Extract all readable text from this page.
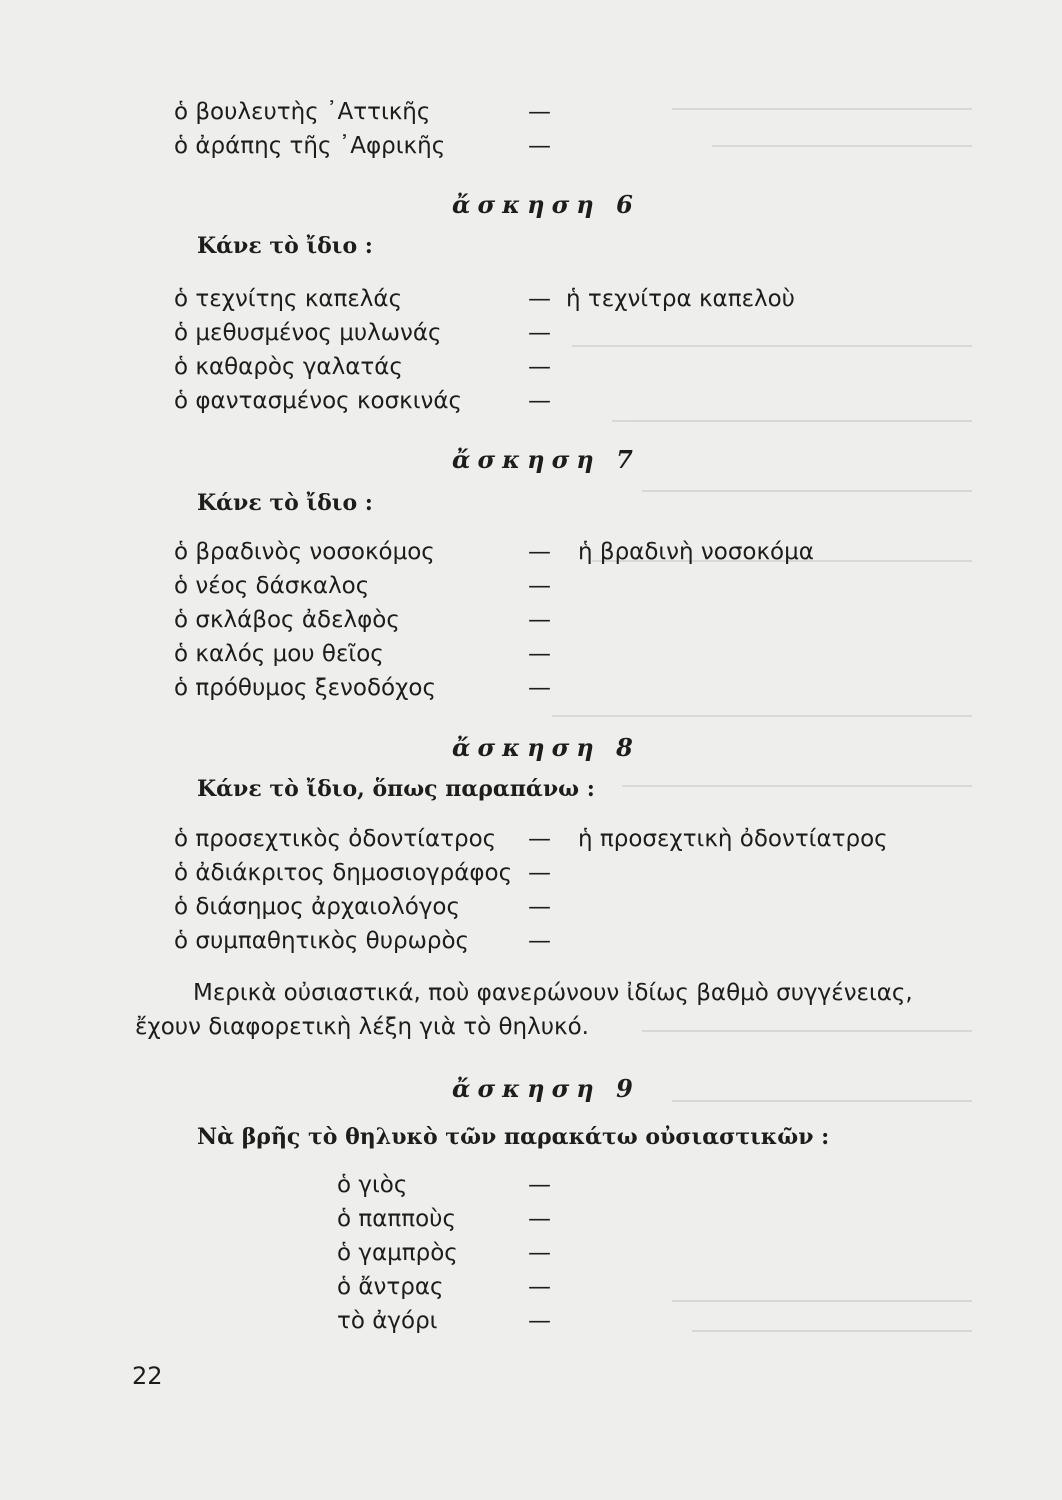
ὁ βουλευτὴς ᾽Αττικῆς	—
ὁ ἀράπης τῆς ᾽Αφρικῆς	—
ἄσκηση 6
Κάνε τὸ ἴδιο :
ὁ τεχνίτης καπελάς	— ἡ τεχνίτρα καπελοὺ
ὁ μεθυσμένος μυλωνάς	—
ὁ καθαρὸς γαλατάς	—
ὁ φαντασμένος κοσκινάς	—
ἄσκηση 7
Κάνε τὸ ἴδιο :
ὁ βραδινὸς νοσοκόμος	— ἡ βραδινὴ νοσοκόμα
ὁ νέος δάσκαλος	—
ὁ σκλάβος ἀδελφὸς	—
ὁ καλός μου θεῖος	—
ὁ πρόθυμος ξενοδόχος	—
ἄσκηση 8
Κάνε τὸ ἴδιο, ὅπως παραπάνω :
ὁ προσεχτικὸς ὀδοντίατρος — ἡ προσεχτικὴ ὀδοντίατρος
ὁ ἀδιάκριτος δημοσιογράφος —
ὁ διάσημος ἀρχαιολόγος	—
ὁ συμπαθητικὸς θυρωρὸς	—
Μερικὰ οὐσιαστικά, ποὺ φανερώνουν ἰδίως βαθμὸ συγγένειας,
ἔχουν διαφορετικὴ λέξη γιὰ τὸ θηλυκό.
ἄσκηση 9
Νὰ βρῆς τὸ θηλυκὸ τῶν παρακάτω οὐσιαστικῶν :
ὁ γιὸς	—
ὁ παπποὺς	—
ὁ γαμπρὸς	—
ὁ ἄντρας	—
τὸ ἀγόρι	—
22
